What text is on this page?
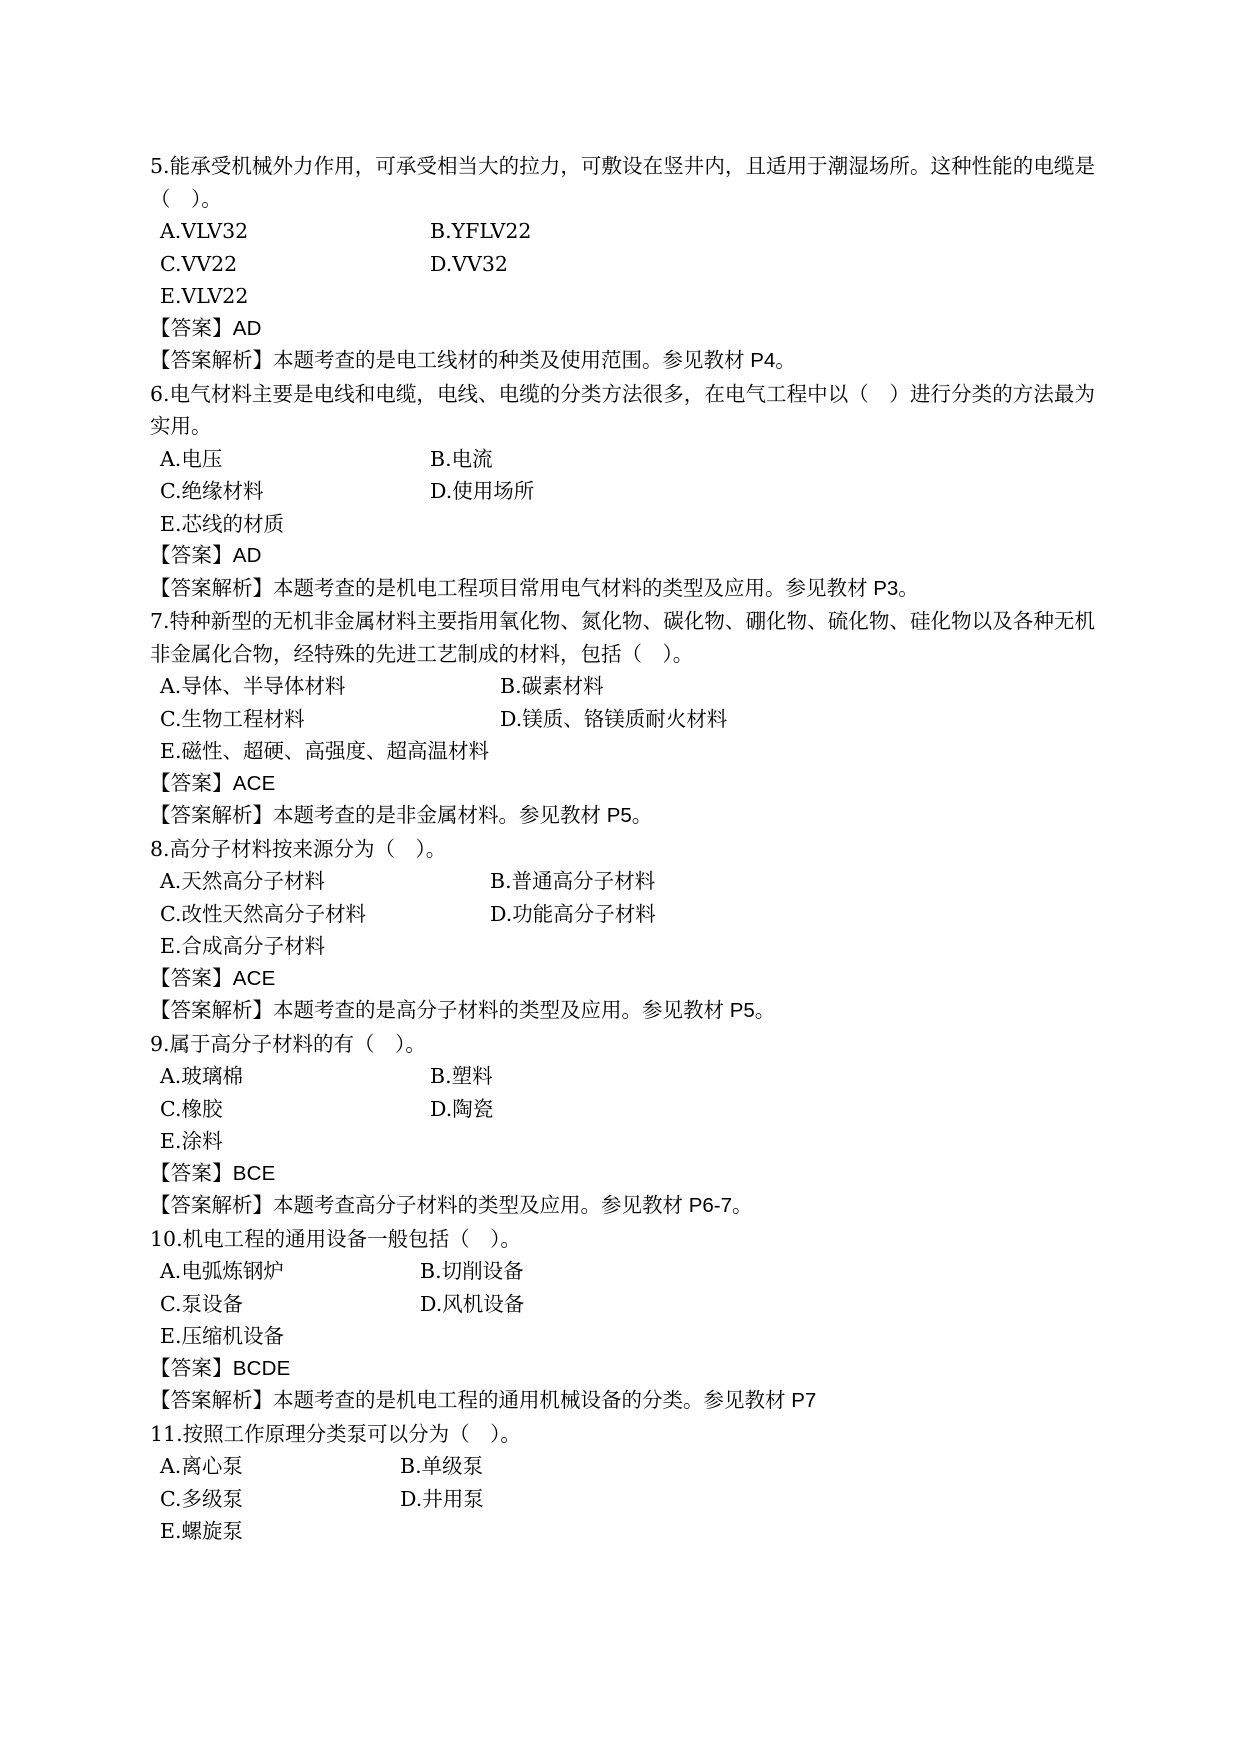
5.能承受机械外力作用，可承受相当大的拉力，可敷设在竖井内，且适用于潮湿场所。这种性能的电缆是（　）。

A.VLV32	B.YFLV22
C.VV22	D.VV32
E.VLV22
【答案】AD
【答案解析】本题考查的是电工线材的种类及使用范围。参见教材 P4。

6.电气材料主要是电线和电缆，电线、电缆的分类方法很多，在电气工程中以（　）进行分类的方法最为实用。

A.电压	B.电流
C.绝缘材料	D.使用场所
E.芯线的材质
【答案】AD
【答案解析】本题考查的是机电工程项目常用电气材料的类型及应用。参见教材 P3。

7.特种新型的无机非金属材料主要指用氧化物、氮化物、碳化物、硼化物、硫化物、硅化物以及各种无机非金属化合物，经特殊的先进工艺制成的材料，包括（　）。

A.导体、半导体材料	B.碳素材料
C.生物工程材料	D.镁质、铬镁质耐火材料
E.磁性、超硬、高强度、超高温材料
【答案】ACE
【答案解析】本题考查的是非金属材料。参见教材 P5。

8.高分子材料按来源分为（　）。

A.天然高分子材料	B.普通高分子材料
C.改性天然高分子材料	D.功能高分子材料
E.合成高分子材料
【答案】ACE
【答案解析】本题考查的是高分子材料的类型及应用。参见教材 P5。

9.属于高分子材料的有（　）。

A.玻璃棉	B.塑料
C.橡胶	D.陶瓷
E.涂料
【答案】BCE
【答案解析】本题考查高分子材料的类型及应用。参见教材 P6-7。

10.机电工程的通用设备一般包括（　）。

A.电弧炼钢炉	B.切削设备
C.泵设备	D.风机设备
E.压缩机设备
【答案】BCDE
【答案解析】本题考查的是机电工程的通用机械设备的分类。参见教材 P7

11.按照工作原理分类泵可以分为（　）。

A.离心泵	B.单级泵
C.多级泵	D.井用泵
E.螺旋泵
